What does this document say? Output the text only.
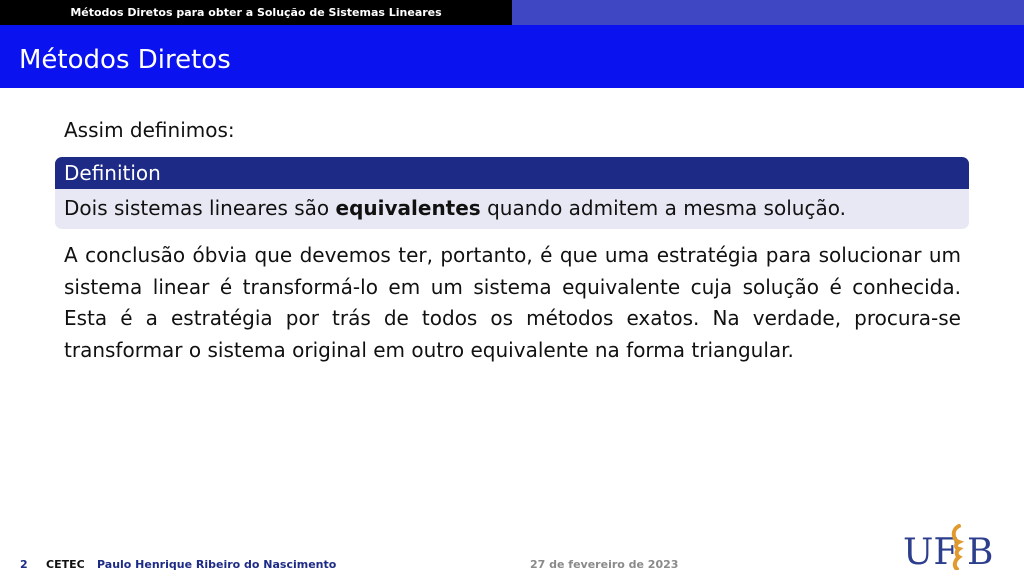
Métodos Diretos para obter a Solução de Sistemas Lineares
Métodos Diretos

Assim definimos:

Definition
Dois sistemas lineares são equivalentes quando admitem a mesma solução.

A conclusão óbvia que devemos ter, portanto, é que uma estratégia para solucionar um sistema linear é transformá-lo em um sistema equivalente cuja solução é conhecida. Esta é a estratégia por trás de todos os métodos exatos. Na verdade, procura-se transformar o sistema original em outro equivalente na forma triangular.

2 CETEC Paulo Henrique Ribeiro do Nascimento	27 de fevereiro de 2023	UF B
